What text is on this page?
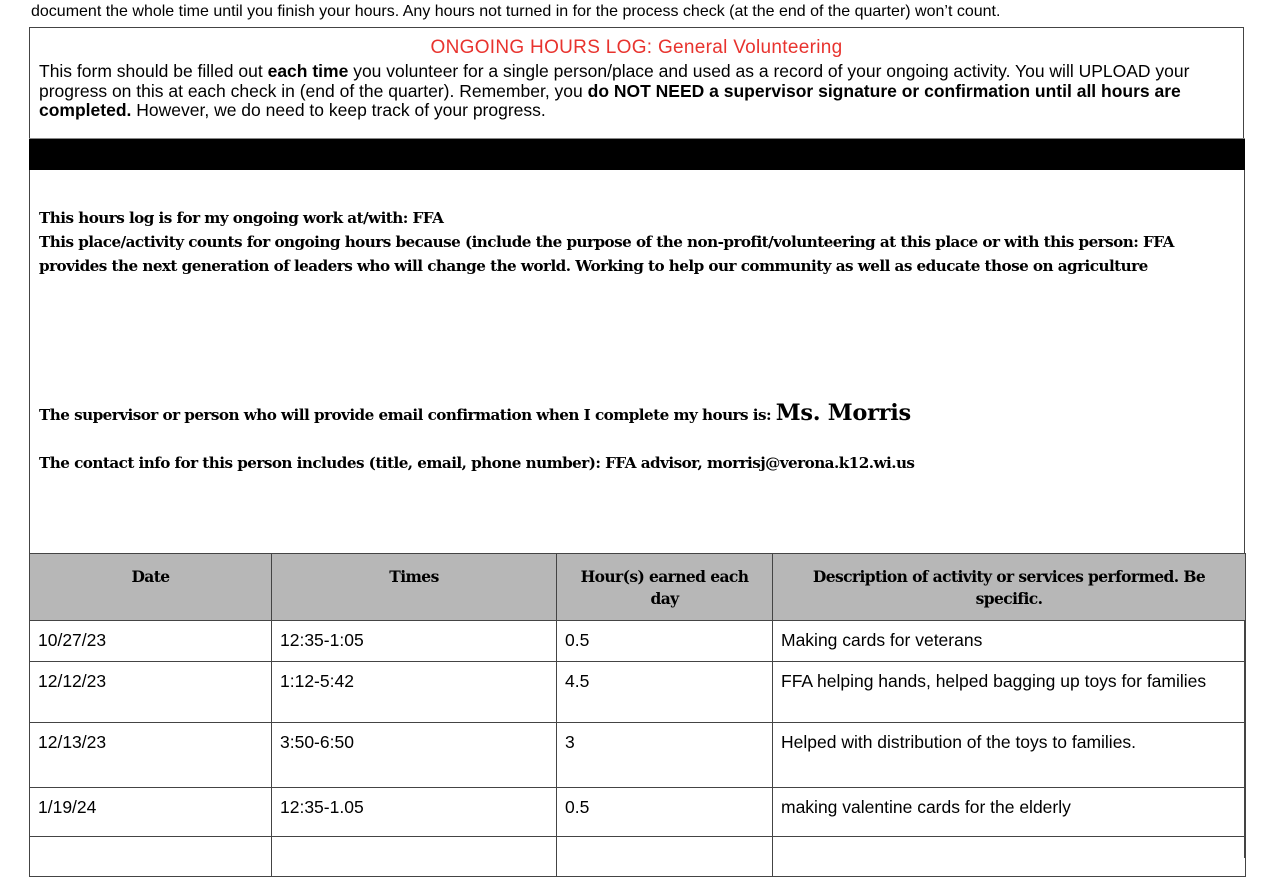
document the whole time until you finish your hours. Any hours not turned in for the process check (at the end of the quarter) won’t count.
ONGOING HOURS LOG: General Volunteering
This form should be filled out each time you volunteer for a single person/place and used as a record of your ongoing activity. You will UPLOAD your progress on this at each check in (end of the quarter). Remember, you do NOT NEED a supervisor signature or confirmation until all hours are completed. However, we do need to keep track of your progress.
This hours log is for my ongoing work at/with: FFA
This place/activity counts for ongoing hours because (include the purpose of the non-profit/volunteering at this place or with this person: FFA provides the next generation of leaders who will change the world. Working to help our community as well as educate those on agriculture
The supervisor or person who will provide email confirmation when I complete my hours is: Ms. Morris
The contact info for this person includes (title, email, phone number): FFA advisor, morrisj@verona.k12.wi.us
Date	Times	Hour(s) earned each day	Description of activity or services performed. Be specific.
10/27/23	12:35-1:05	0.5	Making cards for veterans
12/12/23	1:12-5:42	4.5	FFA helping hands, helped bagging up toys for families
12/13/23	3:50-6:50	3	Helped with distribution of the toys to families.
1/19/24	12:35-1.05	0.5	making valentine cards for the elderly
